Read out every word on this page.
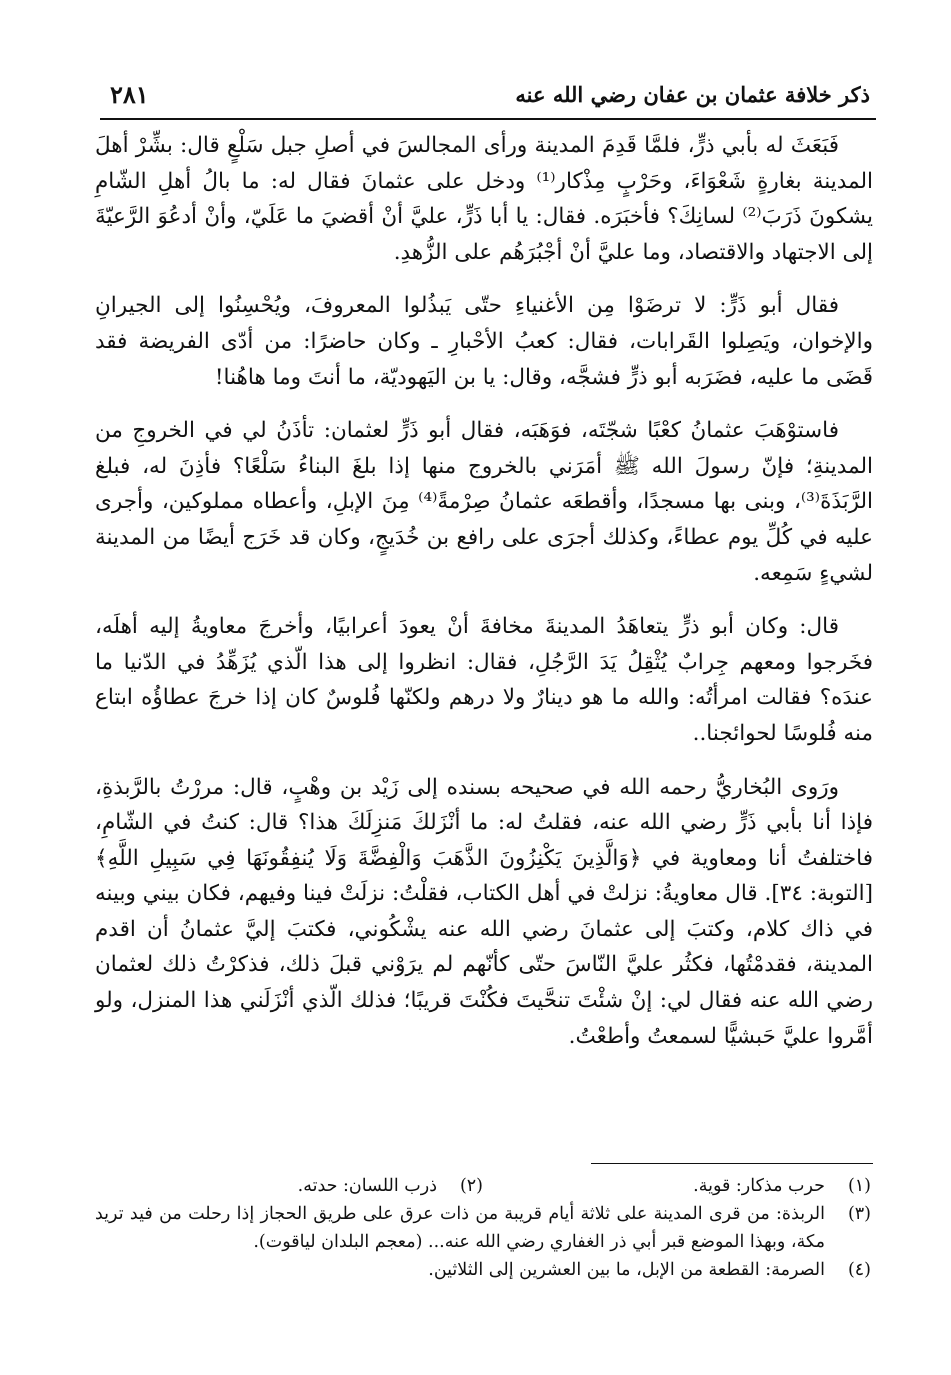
ذكر خلافة عثمان بن عفان رضي الله عنه
٢٨١

فَبَعَثَ له بأبي ذرٍّ، فلمَّا قَدِمَ المدينة ورأى المجالسَ في أصلِ جبل سَلْعٍ قال: بشِّرْ أهلَ المدينة بغارةٍ شَعْوَاءَ، وحَرْبٍ مِذْكار⁽¹⁾ ودخل على عثمانَ فقال له: ما بالُ أهلِ الشّامِ يشكونَ ذَرَبَ⁽²⁾ لسانِكَ؟ فأخبَرَه. فقال: يا أبا ذَرٍّ، عليَّ أنْ أقضيَ ما عَلَيّ، وأنْ أدعُوَ الرَّعيّةَ إلى الاجتهاد والاقتصاد، وما عليَّ أنْ أجْبُرَهُم على الزُّهدِ.

فقال أبو ذَرٍّ: لا ترضَوْا مِن الأغنياءِ حتّى يَبذُلوا المعروفَ، ويُحْسِنُوا إلى الجيرانِ والإخوان، ويَصِلوا القَرابات، فقال: كعبُ الأحْبارِ ـ وكان حاضرًا: من أدّى الفريضة فقد قَضَى ما عليه، فضَرَبه أبو ذرٍّ فشجَّه، وقال: يا بن اليَهوديّة، ما أنتَ وما هاهُنا!

فاستوْهَبَ عثمانُ كعْبًا شجّتَه، فوَهَبَه، فقال أبو ذَرٍّ لعثمان: تأذَنُ لي في الخروجِ من المدينةِ؛ فإنّ رسولَ الله ﷺ أمَرَني بالخروج منها إذا بلغَ البناءُ سَلْعًا؟ فأذِنَ له، فبلغ الرَّبَذَةَ⁽³⁾، وبنى بها مسجدًا، وأقطعَه عثمانُ صِرْمةً⁽⁴⁾ مِنَ الإبلِ، وأعطاه مملوكين، وأجرى عليه في كُلِّ يوم عطاءً، وكذلك أجرَى على رافع بن خُدَيجٍ، وكان قد خَرَج أيضًا من المدينة لشيءٍ سَمِعه.

قال: وكان أبو ذرٍّ يتعاهَدُ المدينةَ مخافةَ أنْ يعودَ أعرابيًا، وأخرجَ معاويةُ إليه أهلَه، فخَرجوا ومعهم جِرابٌ يُثْقِلُ يَدَ الرَّجُلِ، فقال: انظروا إلى هذا الّذي يُزَهِّدُ في الدّنيا ما عندَه؟ فقالت امرأتُه: والله ما هو دينارٌ ولا درهم ولكنّها فُلوسٌ كان إذا خرجَ عطاؤُه ابتاع منه فُلوسًا لحوائجنا..

ورَوى البُخاريُّ رحمه الله في صحيحه بسنده إلى زَيْد بن وهْبٍ، قال: مررْتُ بالرَّبذةِ، فإذا أنا بأبي ذَرٍّ رضي الله عنه، فقلتُ له: ما أنْزَلكَ مَنزِلَكَ هذا؟ قال: كنتُ في الشّامِ، فاختلفتُ أنا ومعاوية في ﴿وَالَّذِينَ يَكْنِزُونَ الذَّهَبَ وَالْفِضَّةَ وَلَا يُنفِقُونَهَا فِي سَبِيلِ اللَّهِ﴾ [التوبة: ٣٤]. قال معاويةُ: نزلتْ في أهل الكتاب، فقلْتُ: نزلَتْ فينا وفيهم، فكان بيني وبينه في ذاك كلام، وكتبَ إلى عثمانَ رضي الله عنه يشْكُوني، فكتبَ إليَّ عثمانُ أن اقدم المدينة، فقدمْتُها، فكثُر عليَّ النّاسَ حتّى كأنّهم لم يرَوْني قبلَ ذلك، فذكرْتُ ذلك لعثمان رضي الله عنه فقال لي: إنْ شئْتَ تنحَّيتَ فكُنْتَ قريبًا؛ فذلك الّذي أنْزَلَني هذا المنزل، ولو أمَّروا عليَّ حَبشيًّا لسمعتُ وأطعْتُ.

(١)
حرب مذكار: قوية.
(٢)
ذرب اللسان: حدته.
(٣)
الربذة: من قرى المدينة على ثلاثة أيام قريبة من ذات عرق على طريق الحجاز إذا رحلت من فيد تريد مكة، وبهذا الموضع قبر أبي ذر الغفاري رضي الله عنه... (معجم البلدان لياقوت).
(٤)
الصرمة: القطعة من الإبل، ما بين العشرين إلى الثلاثين.
